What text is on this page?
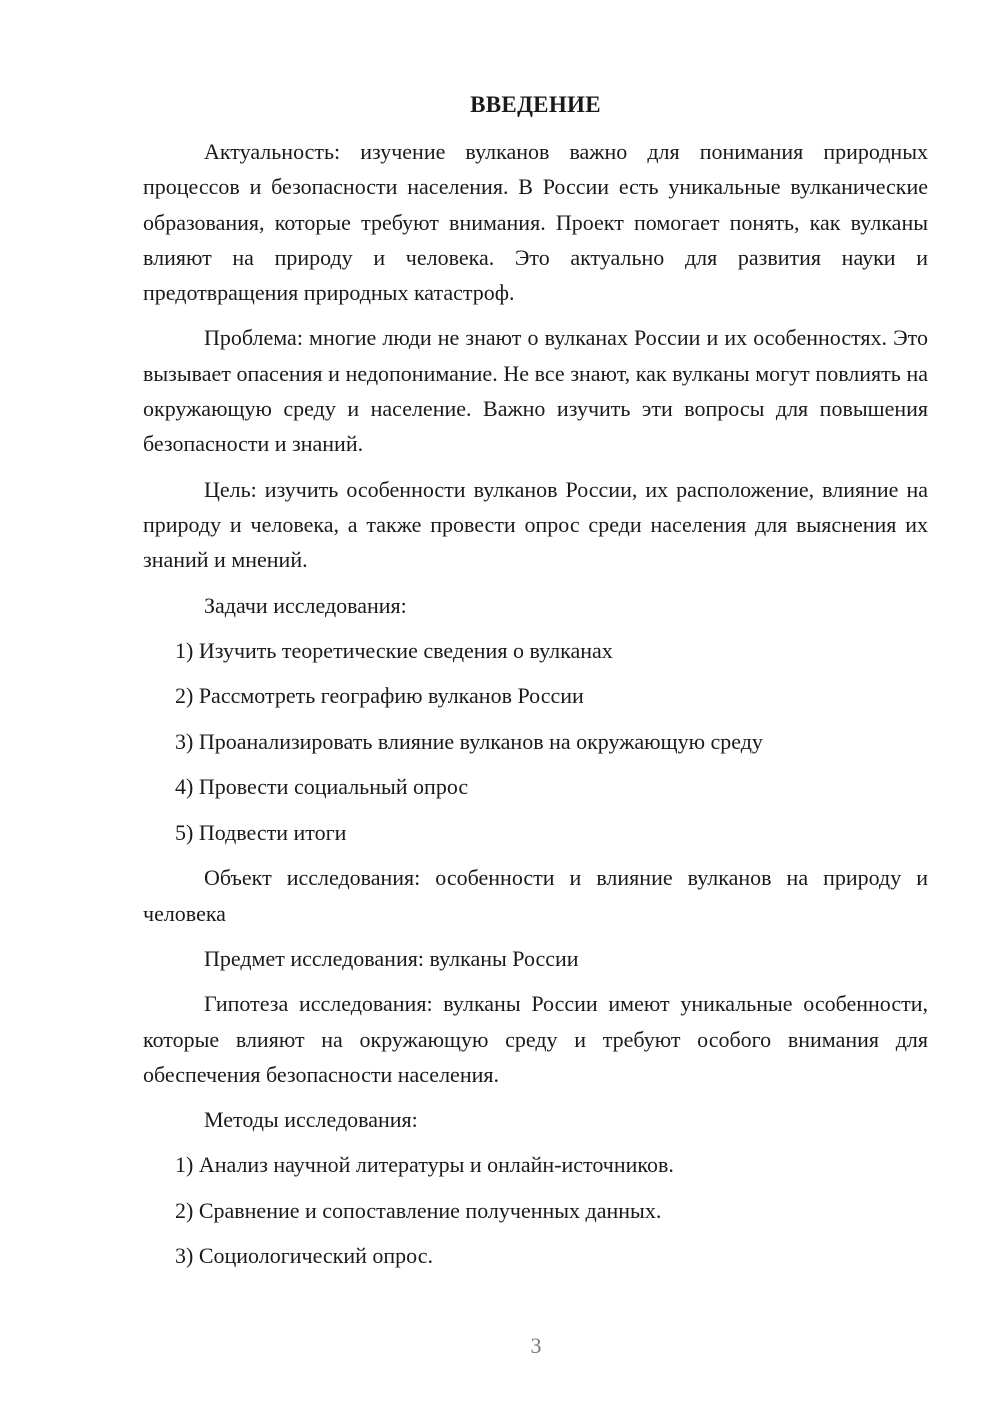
ВВЕДЕНИЕ

Актуальность: изучение вулканов важно для понимания природных процессов и безопасности населения. В России есть уникальные вулканические образования, которые требуют внимания. Проект помогает понять, как вулканы влияют на природу и человека. Это актуально для развития науки и предотвращения природных катастроф.

Проблема: многие люди не знают о вулканах России и их особенностях. Это вызывает опасения и недопонимание. Не все знают, как вулканы могут повлиять на окружающую среду и население. Важно изучить эти вопросы для повышения безопасности и знаний.

Цель: изучить особенности вулканов России, их расположение, влияние на природу и человека, а также провести опрос среди населения для выяснения их знаний и мнений.

Задачи исследования:

1) Изучить теоретические сведения о вулканах
2) Рассмотреть географию вулканов России
3) Проанализировать влияние вулканов на окружающую среду
4) Провести социальный опрос
5) Подвести итоги

Объект исследования: особенности и влияние вулканов на природу и человека

Предмет исследования: вулканы России

Гипотеза исследования: вулканы России имеют уникальные особенности, которые влияют на окружающую среду и требуют особого внимания для обеспечения безопасности населения.

Методы исследования:

1) Анализ научной литературы и онлайн-источников.
2) Сравнение и сопоставление полученных данных.
3) Социологический опрос.
3
